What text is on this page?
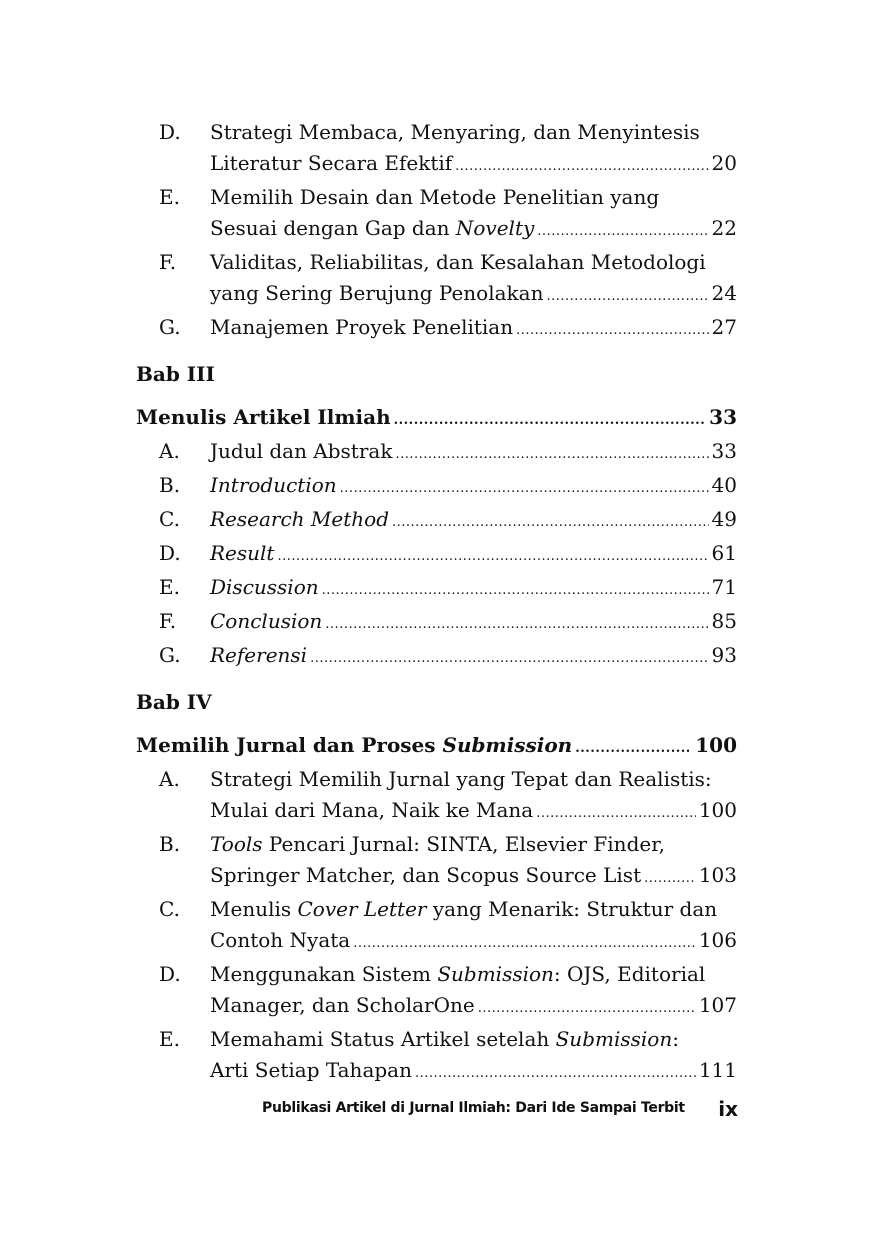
D. Strategi Membaca, Menyaring, dan Menyintesis
Literatur Secara Efektif .....	20
E. Memilih Desain dan Metode Penelitian yang
Sesuai dengan Gap dan Novelty .....	22
F. Validitas, Reliabilitas, dan Kesalahan Metodologi
yang Sering Berujung Penolakan .....	24
G. Manajemen Proyek Penelitian .....	27
Bab III
Menulis Artikel Ilmiah .....	33
A. Judul dan Abstrak .....	33
B. Introduction .....	40
C. Research Method .....	49
D. Result .....	61
E. Discussion .....	71
F. Conclusion .....	85
G. Referensi .....	93
Bab IV
Memilih Jurnal dan Proses Submission .....	100
A. Strategi Memilih Jurnal yang Tepat dan Realistis:
Mulai dari Mana, Naik ke Mana .....	100
B. Tools Pencari Jurnal: SINTA, Elsevier Finder,
Springer Matcher, dan Scopus Source List .....	103
C. Menulis Cover Letter yang Menarik: Struktur dan
Contoh Nyata .....	106
D. Menggunakan Sistem Submission: OJS, Editorial
Manager, dan ScholarOne .....	107
E. Memahami Status Artikel setelah Submission:
Arti Setiap Tahapan .....	111
Publikasi Artikel di Jurnal Ilmiah: Dari Ide Sampai Terbit ix
